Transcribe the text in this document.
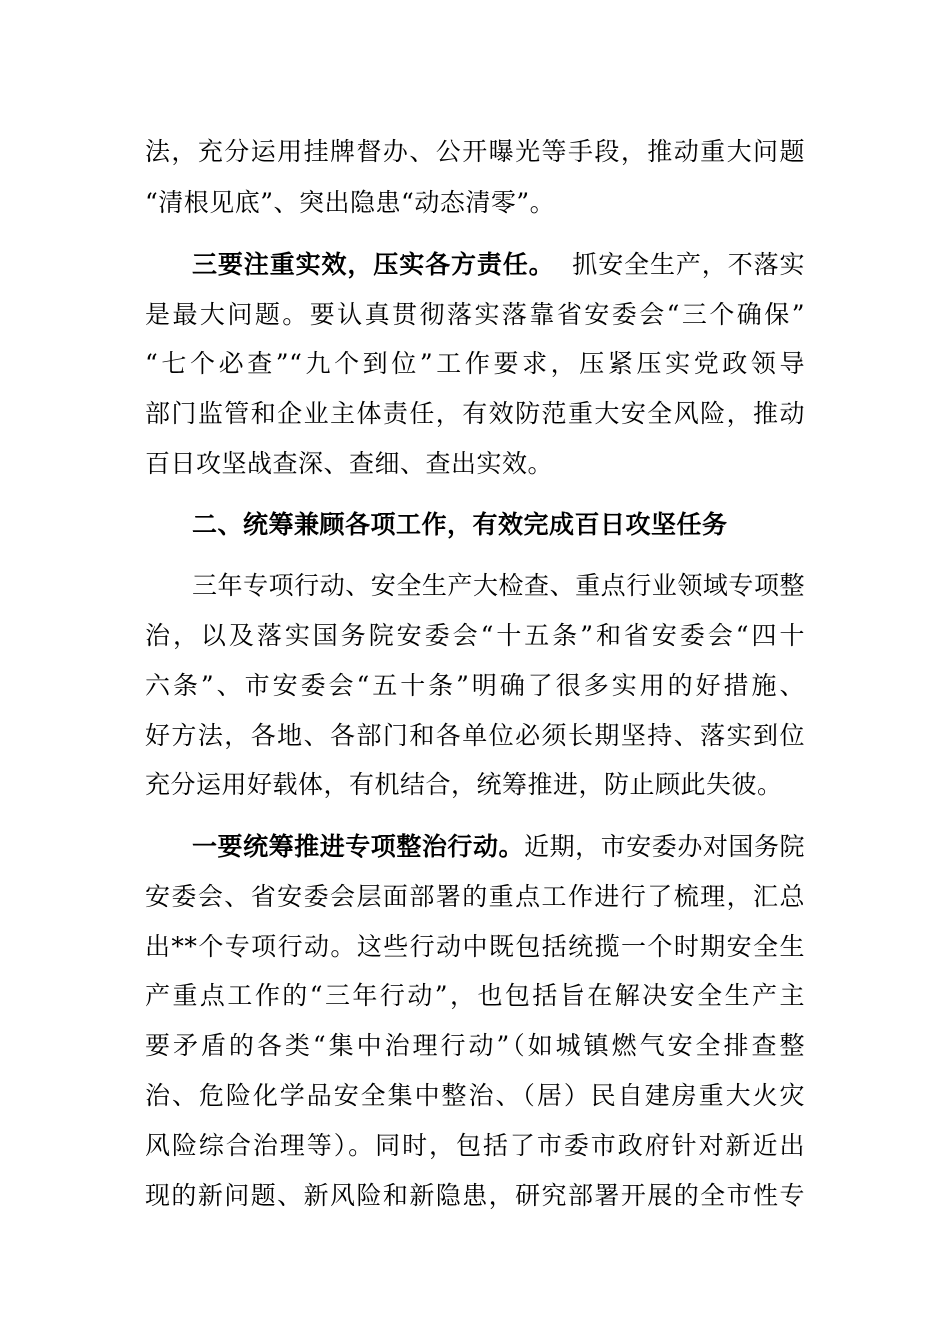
法，充分运用挂牌督办、公开曝光等手段，推动重大问题
“清根见底”、突出隐患“动态清零”。
三要注重实效，压实各方责任。 抓安全生产，不落实
是最大问题。要认真贯彻落实落靠省安委会“三个确保”
“七个必查”“九个到位”工作要求，压紧压实党政领导
部门监管和企业主体责任，有效防范重大安全风险，推动
百日攻坚战查深、查细、查出实效。
二、统筹兼顾各项工作，有效完成百日攻坚任务
三年专项行动、安全生产大检查、重点行业领域专项整
治，以及落实国务院安委会“十五条”和省安委会“四十
六条”、市安委会“五十条”明确了很多实用的好措施、
好方法，各地、各部门和各单位必须长期坚持、落实到位
充分运用好载体，有机结合，统筹推进，防止顾此失彼。
一要统筹推进专项整治行动。近期，市安委办对国务院
安委会、省安委会层面部署的重点工作进行了梳理，汇总
出**个专项行动。这些行动中既包括统揽一个时期安全生
产重点工作的“三年行动”，也包括旨在解决安全生产主
要矛盾的各类“集中治理行动”（如城镇燃气安全排查整
治、危险化学品安全集中整治、（居）民自建房重大火灾
风险综合治理等）。同时，包括了市委市政府针对新近出
现的新问题、新风险和新隐患，研究部署开展的全市性专
